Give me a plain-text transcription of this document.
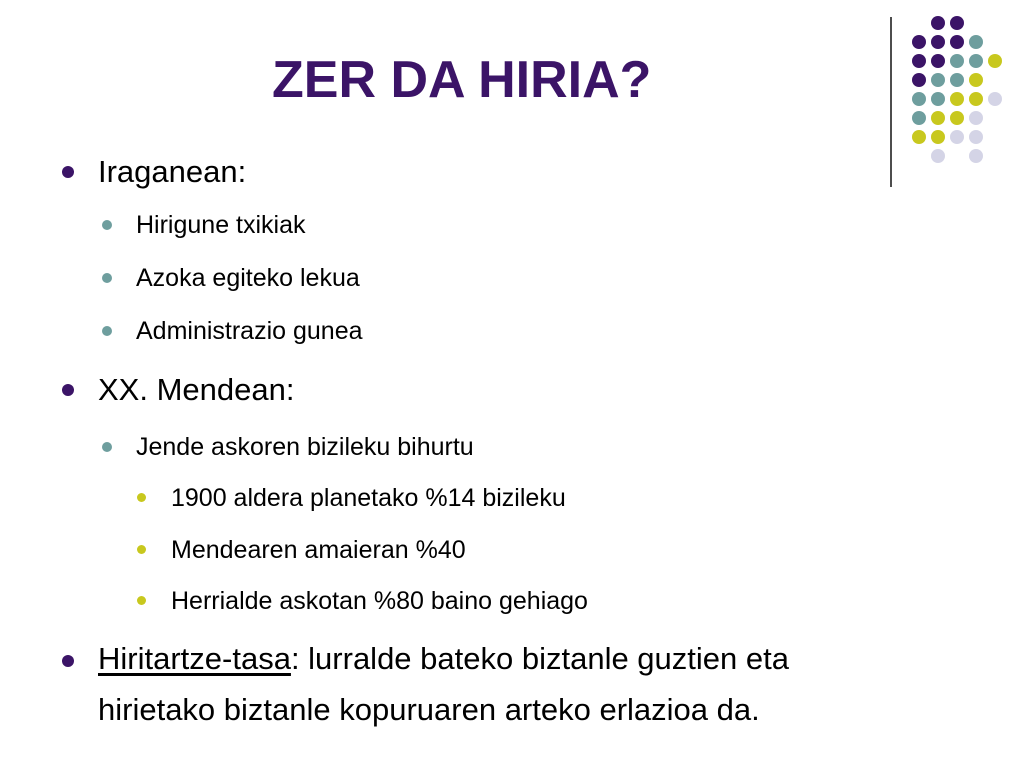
ZER DA HIRIA?

Iraganean:

Hirigune txikiak

Azoka egiteko lekua

Administrazio gunea

XX. Mendean:

Jende askoren bizileku bihurtu

1900 aldera planetako %14 bizileku

Mendearen amaieran %40

Herrialde askotan %80 baino gehiago

Hiritartze-tasa: lurralde bateko biztanle guztien eta

hirietako biztanle kopuruaren arteko erlazioa da.
